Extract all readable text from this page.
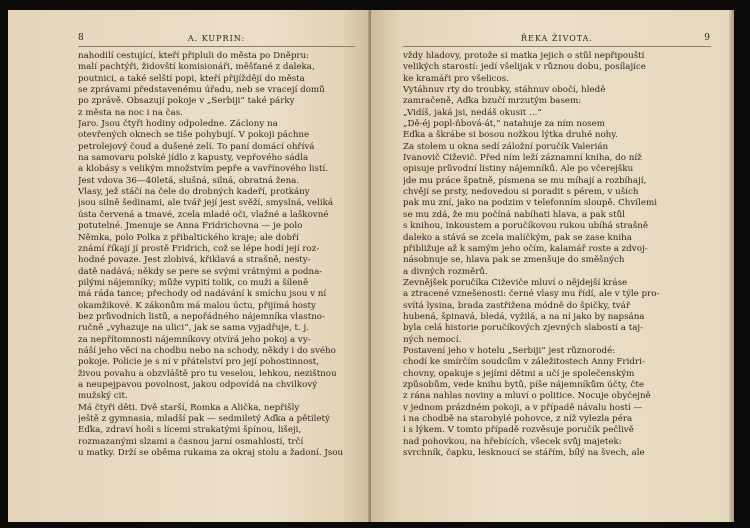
8	A. KUPRIN:
nahodilí cestující, kteří připluli do města po Dněpru:
malí pachtýři, židovští komisionáři, měšťané z daleka,
poutnici, a také selští popi, kteří přijíždějí do města
se zprávami představenému úřadu, neb se vracejí domů
po zprávě. Obsazují pokoje v „Serbiji“ také párky
z města na noc i na čas.
Jaro. Jsou čtyři hodiny odpoledne. Záclony na
otevřených oknech se tiše pohybují. V pokoji páchne
petrolejový čoud a dušené zelí. To paní domácí ohřívá
na samovaru polské jídlo z kapusty, vepřového sádla
a klobásy s velikým množstvím pepře a vavřínového listí.
Jest vdova 36—40letá, slušná, silná, obratná žena.
Vlasy, jež stáčí na čele do drobných kadeří, protkány
jsou silně šedinami, ale tvář její jest svěží, smyslná, veliká
ústa červená a tmavé, zcela mladé oči, vlažné a laškovné
potutelné. Jmenuje se Anna Fridrichovna — je polo
Němka, polo Polka z přibaltického kraje; ale dobří
známí říkají jí prostě Fridrich, což se lépe hodí její roz-
hodné povaze. Jest zlobivá, křiklavá a strašně, nesty-
datě nadává; někdy se pere se svými vrátnými a podna-
pilými nájemníky; může vypití tolik, co muži a šíleně
má ráda tance; přechody od nadávání k smíchu jsou v ní
okamžikové. K zákonům má malou úctu, přijímá hosty
bez průvodních listů, a nepořádného nájemníka vlastno-
ručně „vyhazuje na ulici“, jak se sama vyjadřuje, t. j.
za nepřítomnosti nájemníkovy otvírá jeho pokoj a vy-
náší jeho věci na chodbu nebo na schody, někdy i do svého
pokoje. Policie je s ní v přátelství pro její pohostinnost,
živou povahu a obzvláště pro tu veselou, lehkou, nezištnou
a neupejpavou povolnost, jakou odpovídá na chvilkový
mužský cit.
Má čtyři děti. Dvě starší, Romka a Alička, nepřišly
ještě z gymnasia, mladší pak — sedmiletý Aďka a pětiletý
Eďka, zdraví hoši s lícemi strakatými špínou, lišeji,
rozmazanými slzami a časnou jarní osmahlostí, trčí
u matky. Drží se oběma rukama za okraj stolu a žadoní. Jsou
ŘEKA ŽIVOTA.	9
vždy hladovy, protože si matka jejich o stůl nepřipouští
velikých starostí: jedí všelijak v různou dobu, posílajíce
ke kramáři pro všelicos.
Vytáhnuv rty do troubky, stáhnuv obočí, hledě
zamračeně, Aďka bzučí mrzutým basem:
„Vidíš, jaká jsi, nedáš okusit ...“
„Dě-éj popl-ňbová-át,“ natahuje za ním nosem
Eďka a škrábe si bosou nožkou lýtka druhé nohy.
Za stolem u okna sedí záložní poručík Valerián
Ivanovič Čiževič. Před ním leží záznamní kniha, do níž
opisuje průvodní listiny nájemníků. Ale po včerejšku
jde mu práce špatně, písmena se mu míhají a rozbíhají,
chvějí se prsty, nedovedou si poradit s pérem, v uších
pak mu zní, jako na podzim v telefonním sloupě. Chvílemi
se mu zdá, že mu počíná nabíhati hlava, a pak stůl
s knihou, inkoustem a poručíkovou rukou ubíhá strašně
daleko a stává se zcela malíčkým, pak se zase kniha
přibližuje až k samým jeho očím, kalamář roste a zdvoj-
násobnuje se, hlava pak se zmenšuje do směšných
a divných rozměrů.
Zevnějšek poručíka Čiževiče mluví o nějdejší kráse
a ztracené vznešenosti: černé vlasy mu řídí, ale v týle pro-
svítá lysina, brada zastřižena módně do špičky, tvář
hubená, špinavá, bledá, vyžilá, a na ní jako by napsána
byla celá historie poručíkových zjevných slabostí a taj-
ných nemocí.
Postavení jeho v hotelu „Serbiji“ jest různorodé:
chodí ke smírčím soudcům v záležitostech Anny Fridri-
chovny, opakuje s jejími dětmi a učí je společenským
způsobům, vede knihu bytů, píše nájemníkům účty, čte
z rána nahlas noviny a mluví o politice. Nocuje obyčejně
v jednom prázdném pokoji, a v případě návalu hostí —
i na chodbě na starobylé pohovce, z níž vylezla péra
i s lýkem. V tomto případě rozvěsuje poručík pečlivě
nad pohovkou, na hřebících, všecek svůj majetek:
svrchník, čapku, lesknoucí se stářím, bílý na švech, ale
